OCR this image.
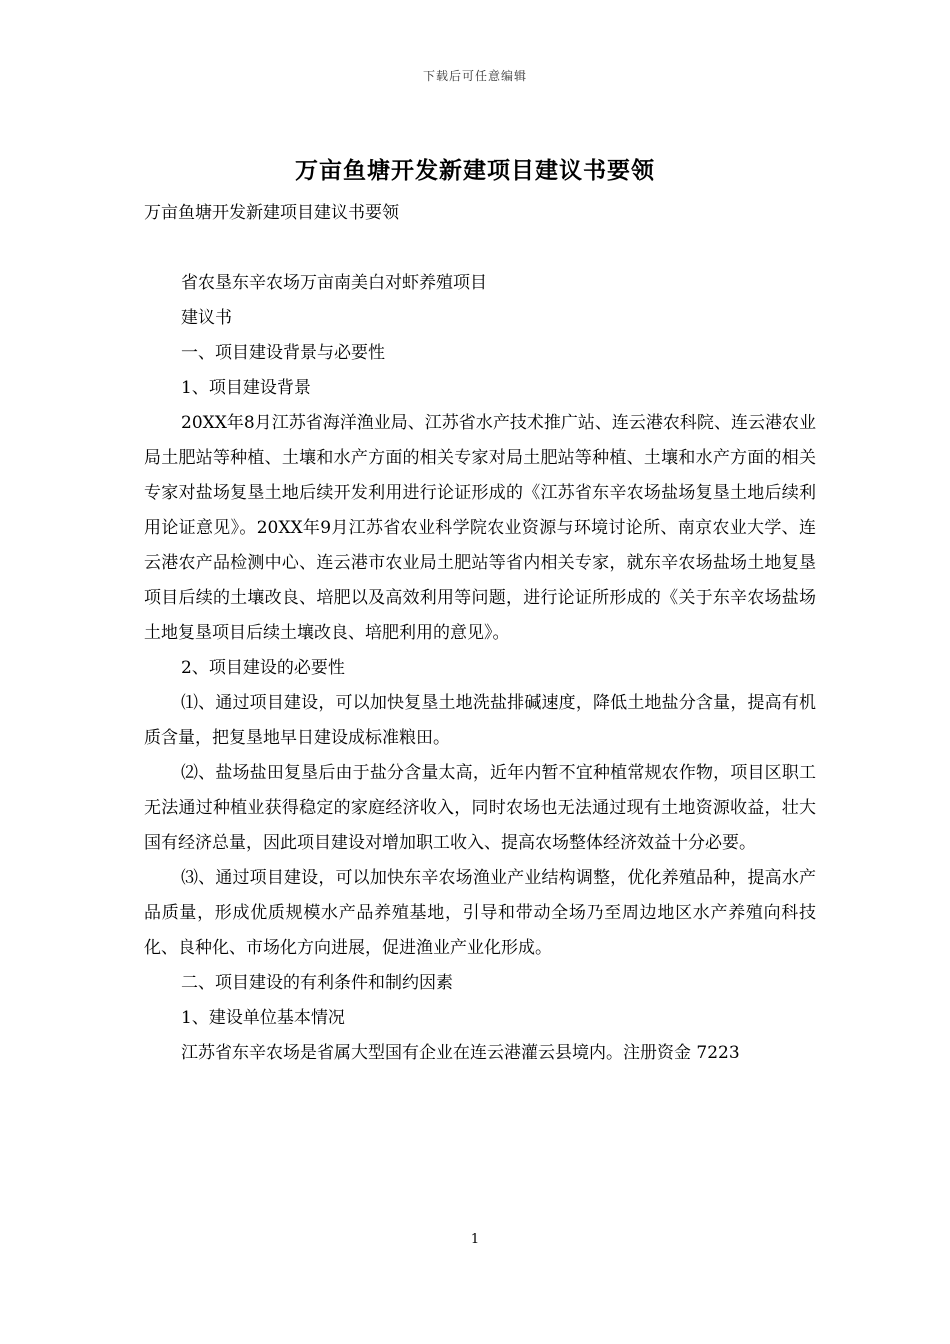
下载后可任意编辑
万亩鱼塘开发新建项目建议书要领

万亩鱼塘开发新建项目建议书要领

省农垦东辛农场万亩南美白对虾养殖项目

建议书

一、项目建设背景与必要性

1、项目建设背景

20XX年8月江苏省海洋渔业局、江苏省水产技术推广站、连云港农科院、连云港农业局土肥站等种植、土壤和水产方面的相关专家对局土肥站等种植、土壤和水产方面的相关专家对盐场复垦土地后续开发利用进行论证形成的《江苏省东辛农场盐场复垦土地后续利用论证意见》。20XX年9月江苏省农业科学院农业资源与环境讨论所、南京农业大学、连云港农产品检测中心、连云港市农业局土肥站等省内相关专家，就东辛农场盐场土地复垦项目后续的土壤改良、培肥以及高效利用等问题，进行论证所形成的《关于东辛农场盐场土地复垦项目后续土壤改良、培肥利用的意见》。

2、项目建设的必要性

⑴、通过项目建设，可以加快复垦土地洗盐排碱速度，降低土地盐分含量，提高有机质含量，把复垦地早日建设成标准粮田。

⑵、盐场盐田复垦后由于盐分含量太高，近年内暂不宜种植常规农作物，项目区职工无法通过种植业获得稳定的家庭经济收入，同时农场也无法通过现有土地资源收益，壮大国有经济总量，因此项目建设对增加职工收入、提高农场整体经济效益十分必要。

⑶、通过项目建设，可以加快东辛农场渔业产业结构调整，优化养殖品种，提高水产品质量，形成优质规模水产品养殖基地，引导和带动全场乃至周边地区水产养殖向科技化、良种化、市场化方向进展，促进渔业产业化形成。

二、项目建设的有利条件和制约因素

1、建设单位基本情况

江苏省东辛农场是省属大型国有企业在连云港灌云县境内。注册资金 7223

1
